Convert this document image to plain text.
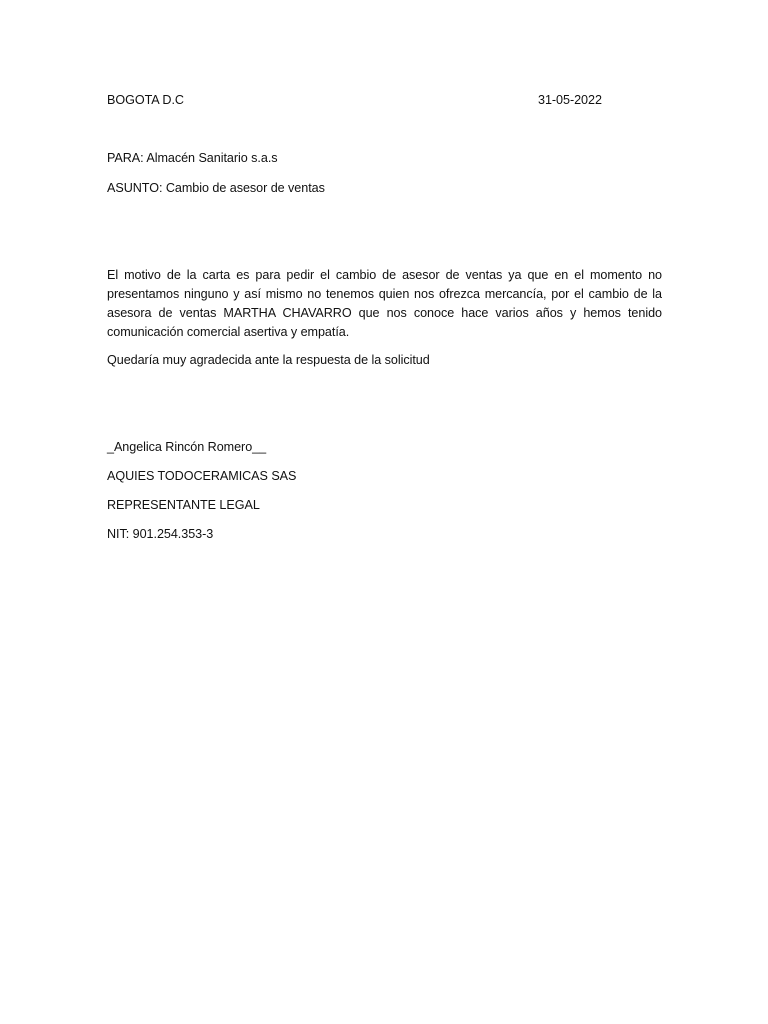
BOGOTA D.C	31-05-2022
PARA: Almacén Sanitario s.a.s
ASUNTO: Cambio de asesor de ventas
El motivo de la carta es para pedir el cambio de asesor de ventas ya que en el momento no presentamos ninguno y así mismo no tenemos quien nos ofrezca mercancía, por el cambio de la asesora de ventas MARTHA CHAVARRO que nos conoce hace varios años y hemos tenido comunicación comercial asertiva y empatía.
Quedaría muy agradecida ante la respuesta de la solicitud
_Angelica Rincón Romero__
AQUIES TODOCERAMICAS SAS
REPRESENTANTE LEGAL
NIT: 901.254.353-3
